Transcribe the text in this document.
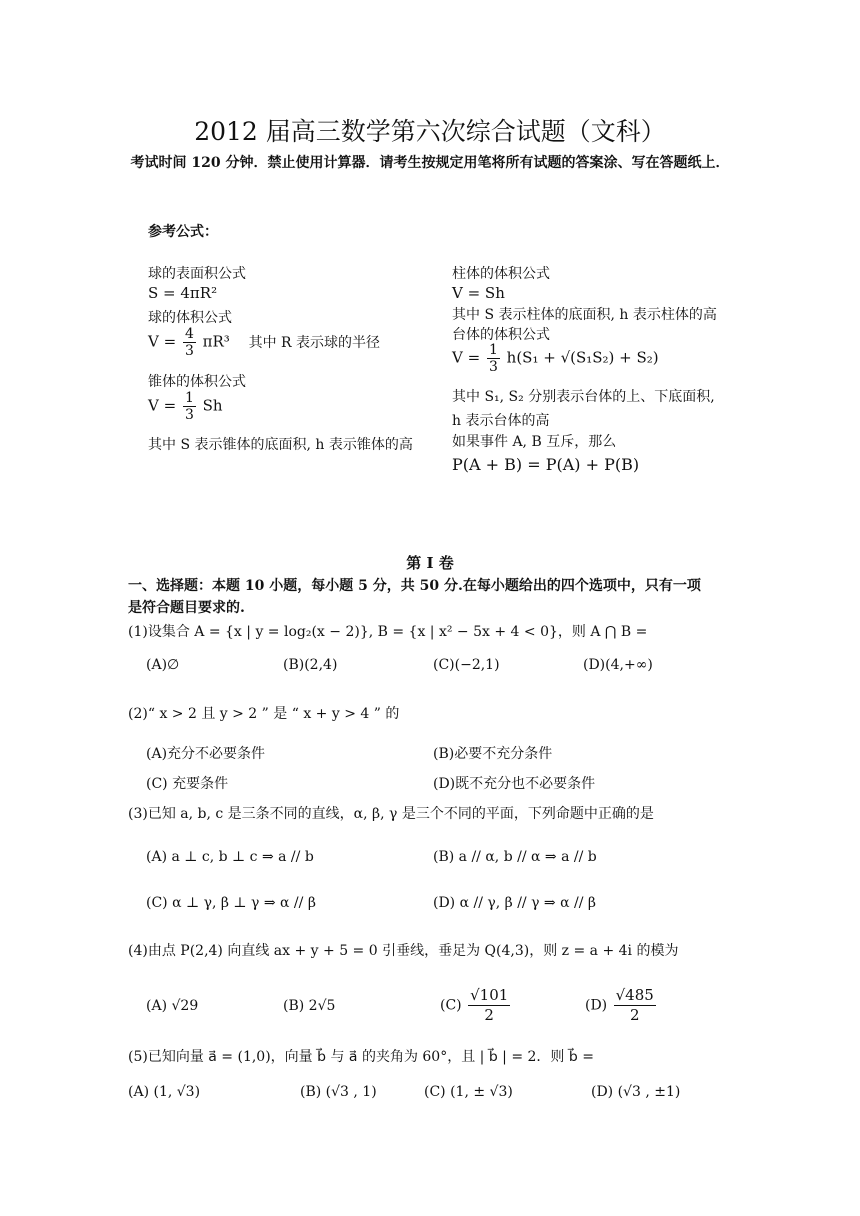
2012 届高三数学第六次综合试题（文科）
考试时间 120 分钟．禁止使用计算器．请考生按规定用笔将所有试题的答案涂、写在答题纸上．
参考公式：
球的表面积公式
S = 4πR²
球的体积公式
$V = \frac{4}{3} \pi R^3$ 其中 R 表示球的半径
锥体的体积公式
$V = \frac{1}{3}$ Sh
其中 S 表示锥体的底面积, h 表示锥体的高
柱体的体积公式
V = Sh
其中 S 表示柱体的底面积, h 表示柱体的高
台体的体积公式
$V = \frac{1}{3} h(S_1 + √(S_1S_2) + S_2)$
其中 S₁, S₂ 分别表示台体的上、下底面积,
h 表示台体的高
如果事件 A, B 互斥，那么
P(A + B) = P(A) + P(B)
第 Ⅰ 卷
一、选择题：本题 10 小题，每小题 5 分，共 50 分.在每小题给出的四个选项中，只有一项
是符合题目要求的.
(1)设集合 A = {x | y = log₂(x − 2)}, B = {x | x² − 5x + 4 < 0}，则 A ⋂ B =
(A)∅	(B)(2,4)	(C)(−2,1)	(D)(4,+∞)
(2)“ x > 2 且 y > 2 ” 是 “ x + y > 4 ” 的
(A)充分不必要条件	(B)必要不充分条件
(C) 充要条件	(D)既不充分也不必要条件
(3)已知 a, b, c 是三条不同的直线，α, β, γ 是三个不同的平面，下列命题中正确的是
(A) a ⊥ c, b ⊥ c ⇒ a // b	(B) a // α, b // α ⇒ a // b
(C) α ⊥ γ, β ⊥ γ ⇒ α // β	(D) α // γ, β // γ ⇒ α // β
(4)由点 P(2,4) 向直线 ax + y + 5 = 0 引垂线，垂足为 Q(4,3)，则 z = a + 4i 的模为
(A) √29	(B) 2√5	$(C) \frac{√101}{2}$	$(D) \frac{√485}{2}$
(5)已知向量 a⃗ = (1,0)，向量 b⃗ 与 a⃗ 的夹角为 60°，且 | b⃗ | = 2．则 b⃗ =
(A) (1, √3)	(B) (√3 , 1)	(C) (1, ± √3)	(D) (√3 , ±1)
